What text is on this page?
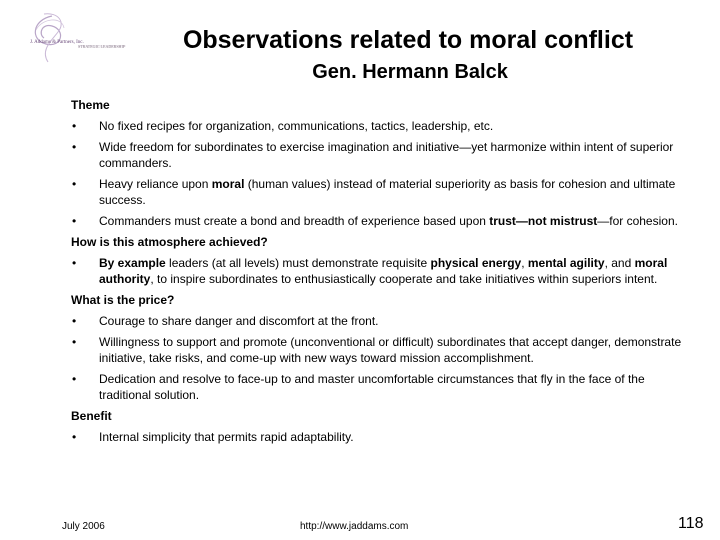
J. Addams & Partners, Inc.
STRATEGIC LEADERSHIP	Observations related to moral conflict
Gen. Hermann Balck
Theme
• No fixed recipes for organization, communications, tactics, leadership, etc.
• Wide freedom for subordinates to exercise imagination and initiative—yet harmonize within intent of superior commanders.
• Heavy reliance upon moral (human values) instead of material superiority as basis for cohesion and ultimate success.
• Commanders must create a bond and breadth of experience based upon trust—not mistrust—for cohesion.
How is this atmosphere achieved?
• By example leaders (at all levels) must demonstrate requisite physical energy, mental agility, and moral authority, to inspire subordinates to enthusiastically cooperate and take initiatives within superiors intent.
What is the price?
• Courage to share danger and discomfort at the front.
• Willingness to support and promote (unconventional or difficult) subordinates that accept danger, demonstrate initiative, take risks, and come-up with new ways toward mission accomplishment.
• Dedication and resolve to face-up to and master uncomfortable circumstances that fly in the face of the traditional solution.
Benefit
• Internal simplicity that permits rapid adaptability.
July 2006	http://www.jaddams.com	118
